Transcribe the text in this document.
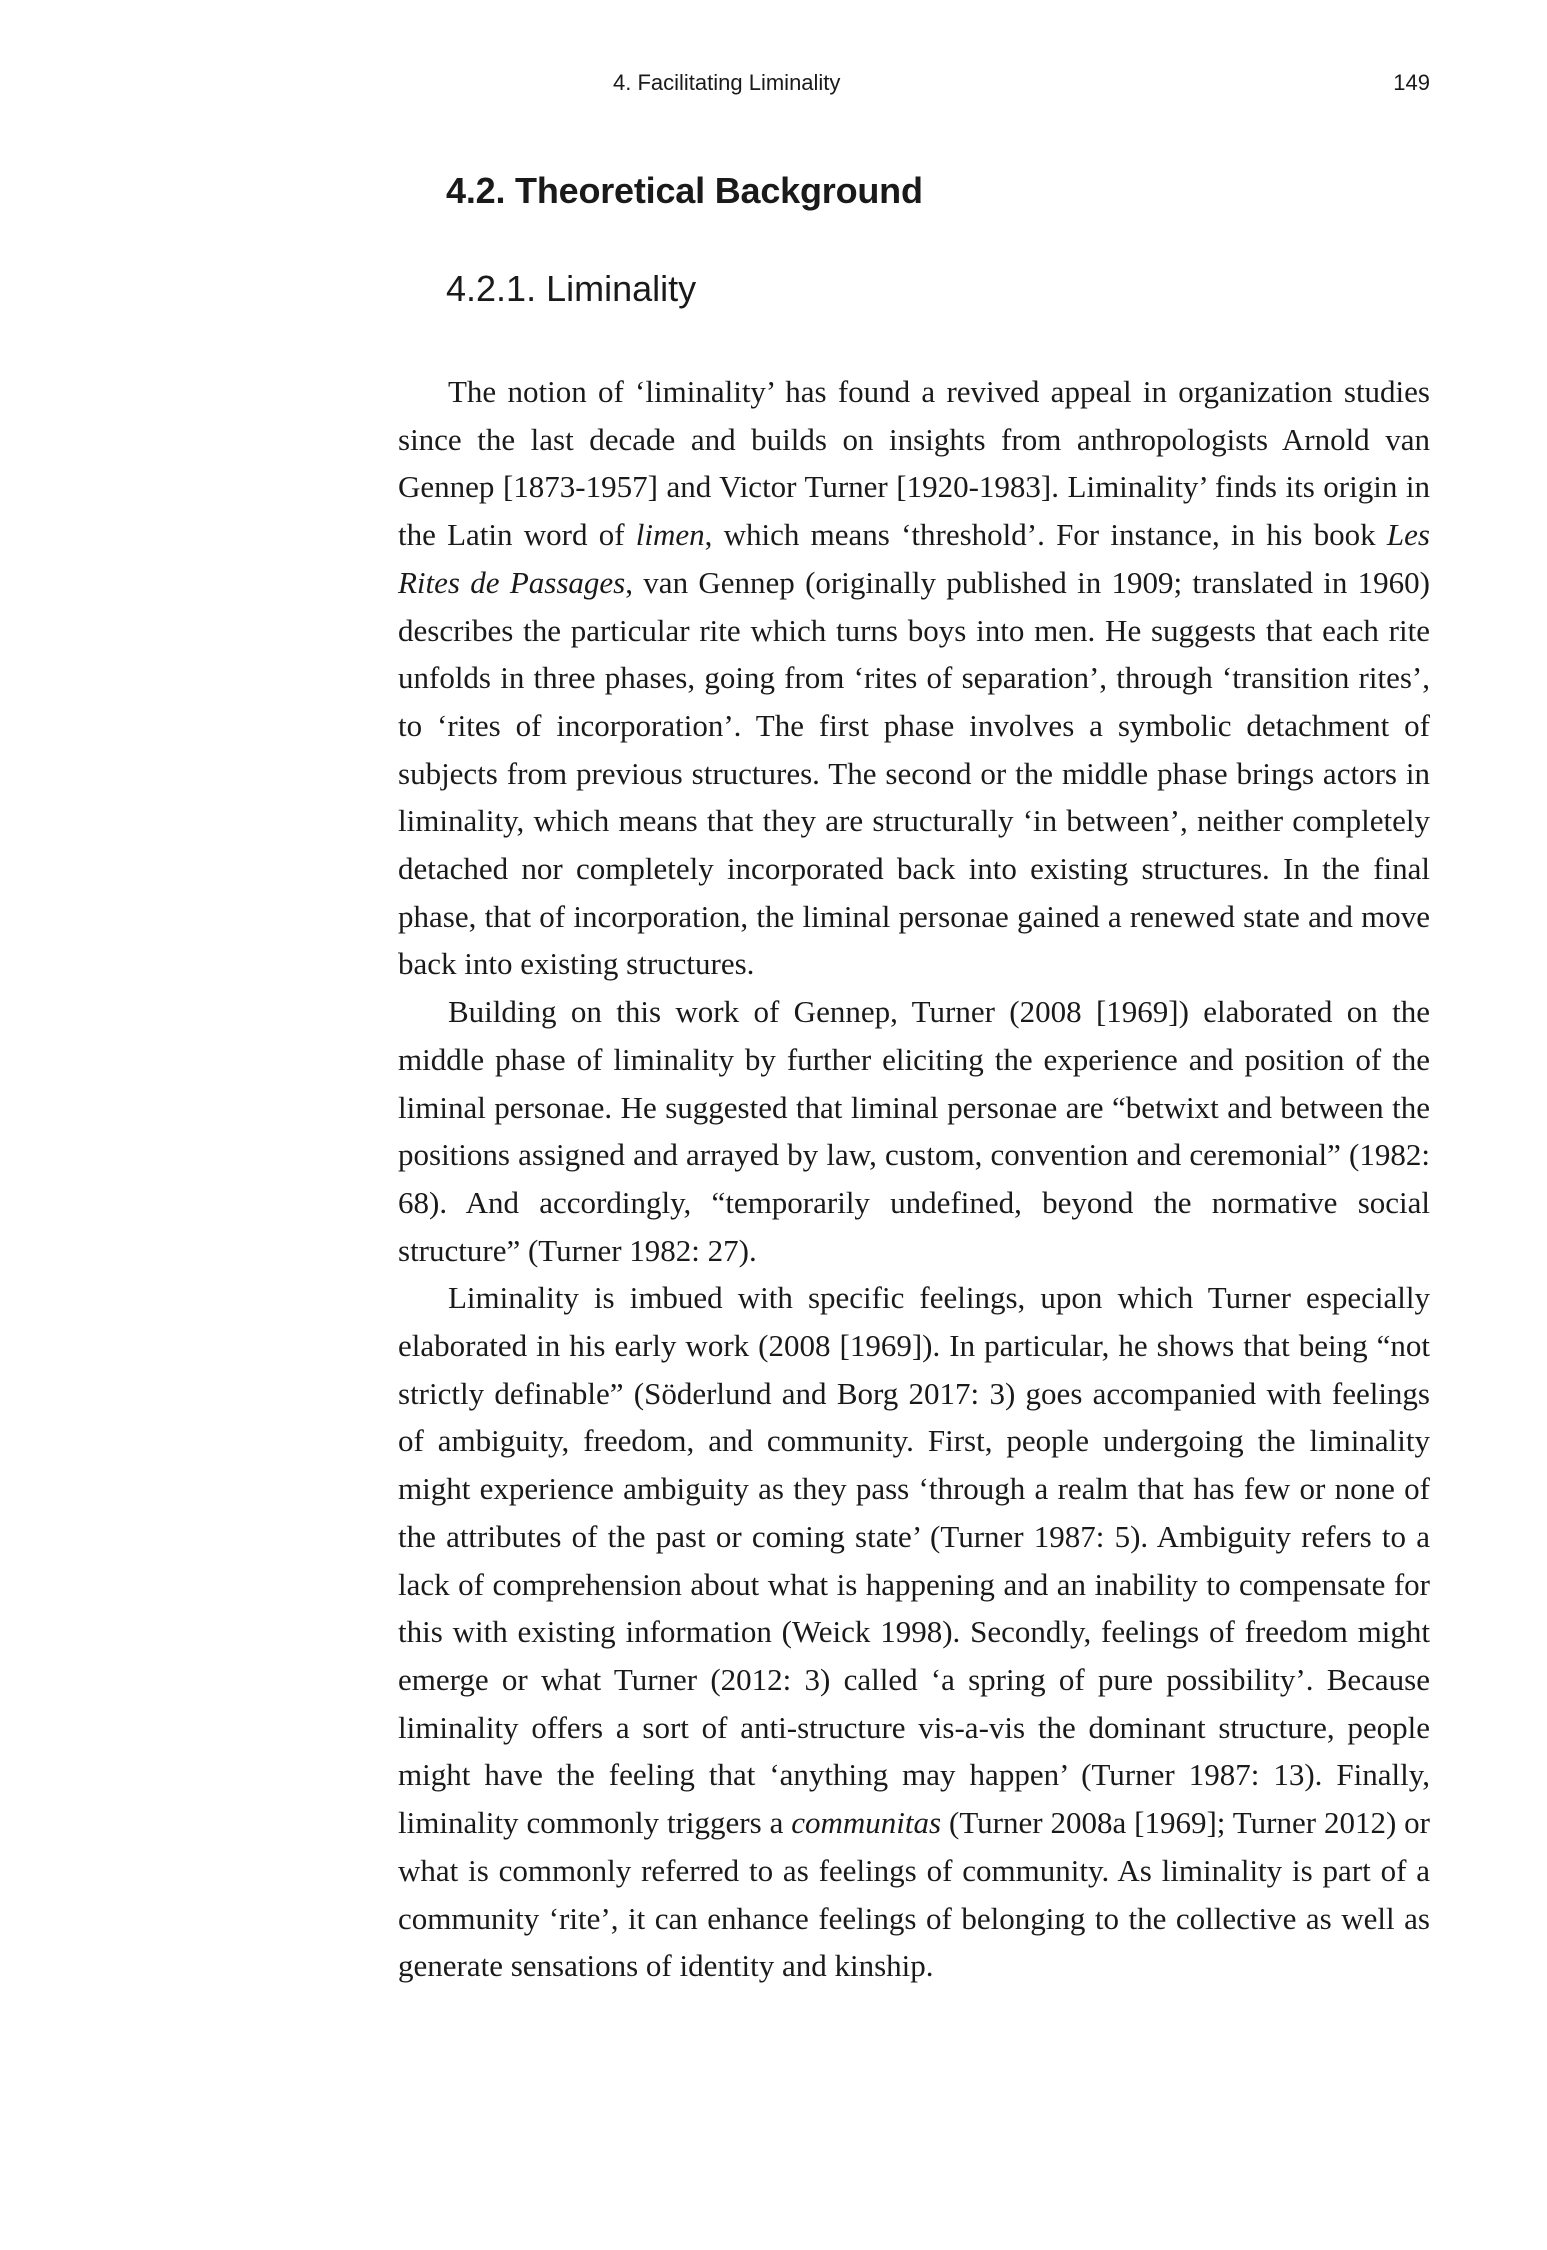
4. Facilitating Liminality	149
4.2. Theoretical Background
4.2.1. Liminality

The notion of ‘liminality’ has found a revived appeal in organization studies since the last decade and builds on insights from anthropologists Arnold van Gennep [1873-1957] and Victor Turner [1920-1983]. Liminality’ finds its origin in the Latin word of limen, which means ‘threshold’. For instance, in his book Les Rites de Passages, van Gennep (originally published in 1909; translated in 1960) describes the particular rite which turns boys into men. He suggests that each rite unfolds in three phases, going from ‘rites of separation’, through ‘transition rites’, to ‘rites of incorporation’. The first phase involves a symbolic detachment of subjects from previous structures. The second or the middle phase brings actors in liminality, which means that they are structurally ‘in between’, neither completely detached nor completely incorporated back into existing structures. In the final phase, that of incorporation, the liminal personae gained a renewed state and move back into existing structures.

Building on this work of Gennep, Turner (2008 [1969]) elaborated on the middle phase of liminality by further eliciting the experience and position of the liminal personae. He suggested that liminal personae are “betwixt and between the positions assigned and arrayed by law, custom, convention and ceremonial” (1982: 68). And accordingly, “temporarily undefined, beyond the normative social structure” (Turner 1982: 27).

Liminality is imbued with specific feelings, upon which Turner especially elaborated in his early work (2008 [1969]). In particular, he shows that being “not strictly definable” (Söderlund and Borg 2017: 3) goes accompanied with feelings of ambiguity, freedom, and community. First, people undergoing the liminality might experience ambiguity as they pass ‘through a realm that has few or none of the attributes of the past or coming state’ (Turner 1987: 5). Ambiguity refers to a lack of comprehension about what is happening and an inability to compensate for this with existing information (Weick 1998). Secondly, feelings of freedom might emerge or what Turner (2012: 3) called ‘a spring of pure possibility’. Because liminality offers a sort of anti-structure vis-a-vis the dominant structure, people might have the feeling that ‘anything may happen’ (Turner 1987: 13). Finally, liminality commonly triggers a communitas (Turner 2008a [1969]; Turner 2012) or what is commonly referred to as feelings of community. As liminality is part of a community ‘rite’, it can enhance feelings of belonging to the collective as well as generate sensations of identity and kinship.
